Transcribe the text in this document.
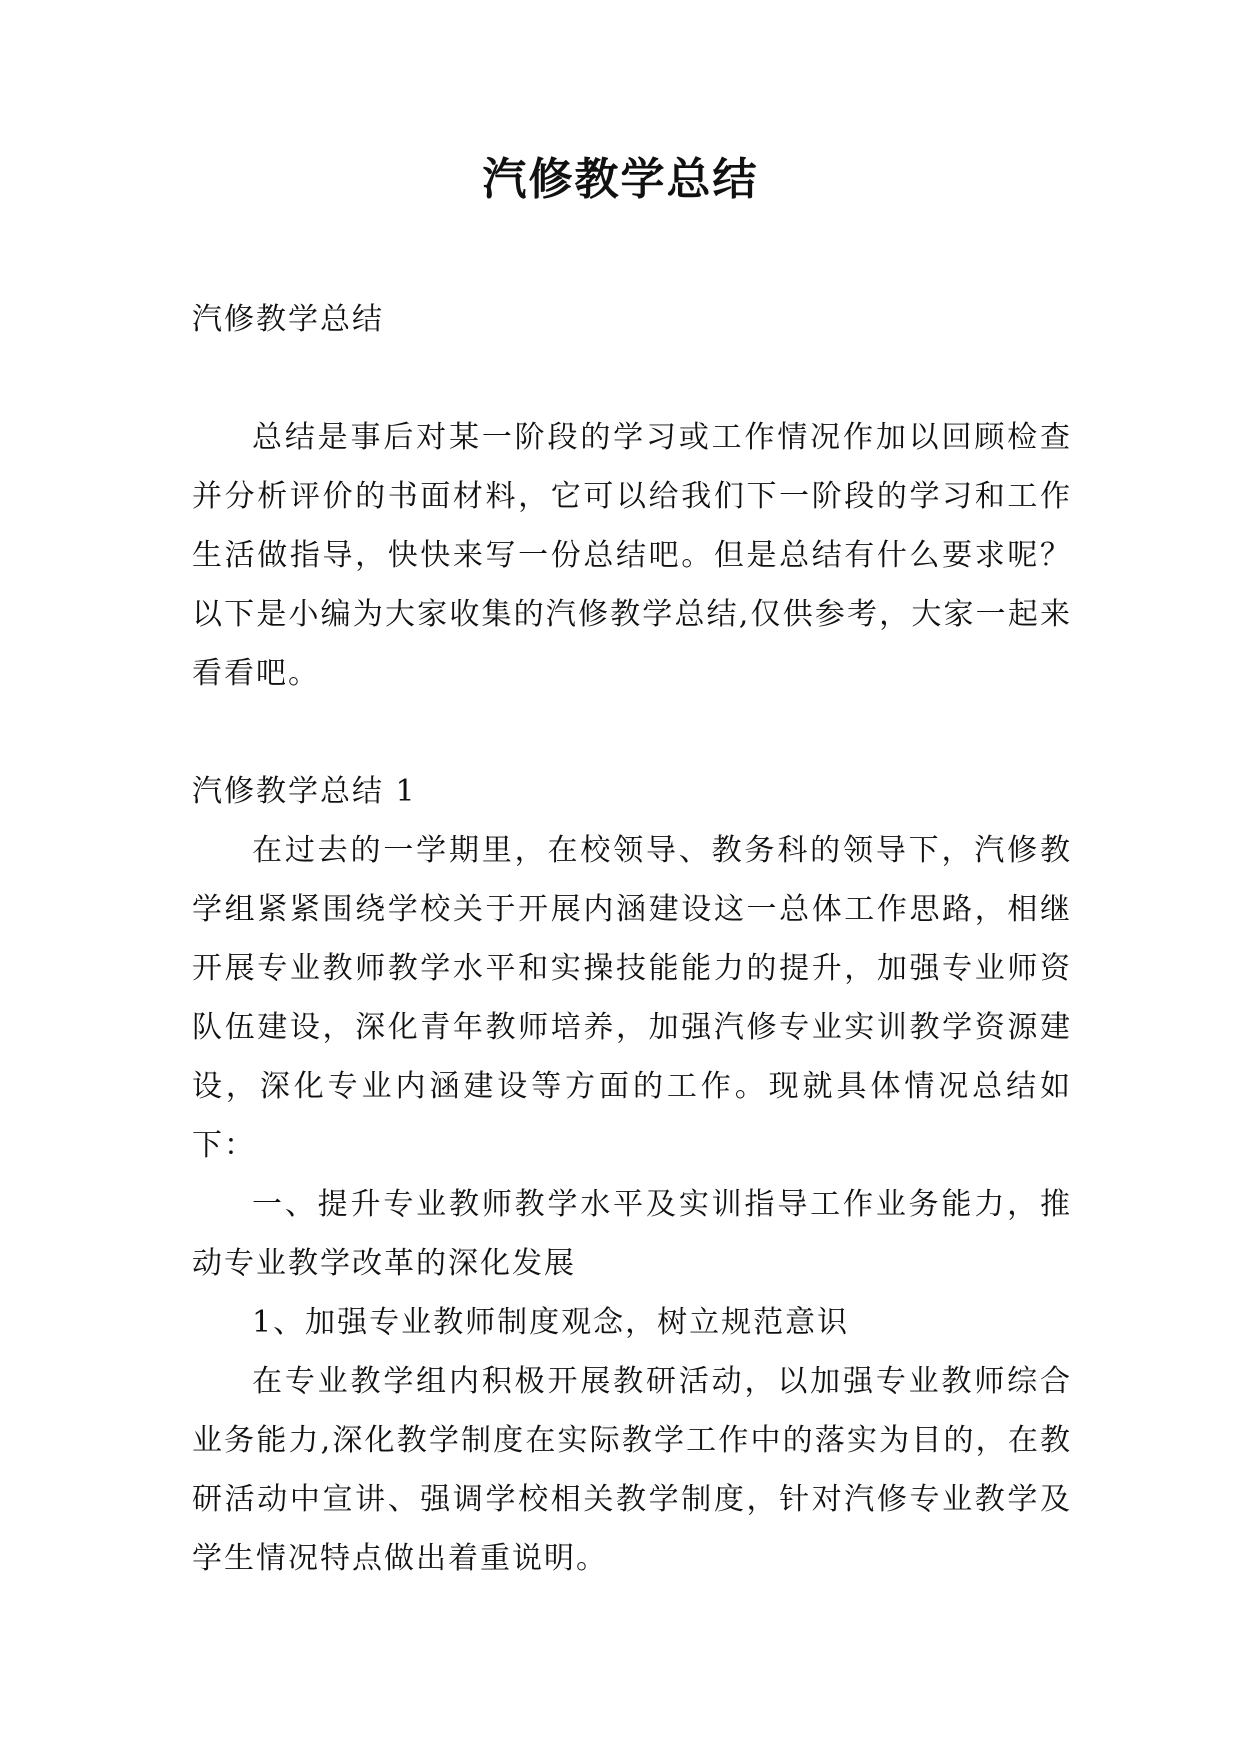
汽修教学总结

汽修教学总结

总结是事后对某一阶段的学习或工作情况作加以回顾检查并分析评价的书面材料，它可以给我们下一阶段的学习和工作生活做指导，快快来写一份总结吧。但是总结有什么要求呢？以下是小编为大家收集的汽修教学总结,仅供参考，大家一起来看看吧。

汽修教学总结 1

在过去的一学期里，在校领导、教务科的领导下，汽修教学组紧紧围绕学校关于开展内涵建设这一总体工作思路，相继开展专业教师教学水平和实操技能能力的提升，加强专业师资队伍建设，深化青年教师培养，加强汽修专业实训教学资源建设，深化专业内涵建设等方面的工作。现就具体情况总结如下：

一、提升专业教师教学水平及实训指导工作业务能力，推动专业教学改革的深化发展

1、加强专业教师制度观念，树立规范意识

在专业教学组内积极开展教研活动，以加强专业教师综合业务能力,深化教学制度在实际教学工作中的落实为目的，在教研活动中宣讲、强调学校相关教学制度，针对汽修专业教学及学生情况特点做出着重说明。
